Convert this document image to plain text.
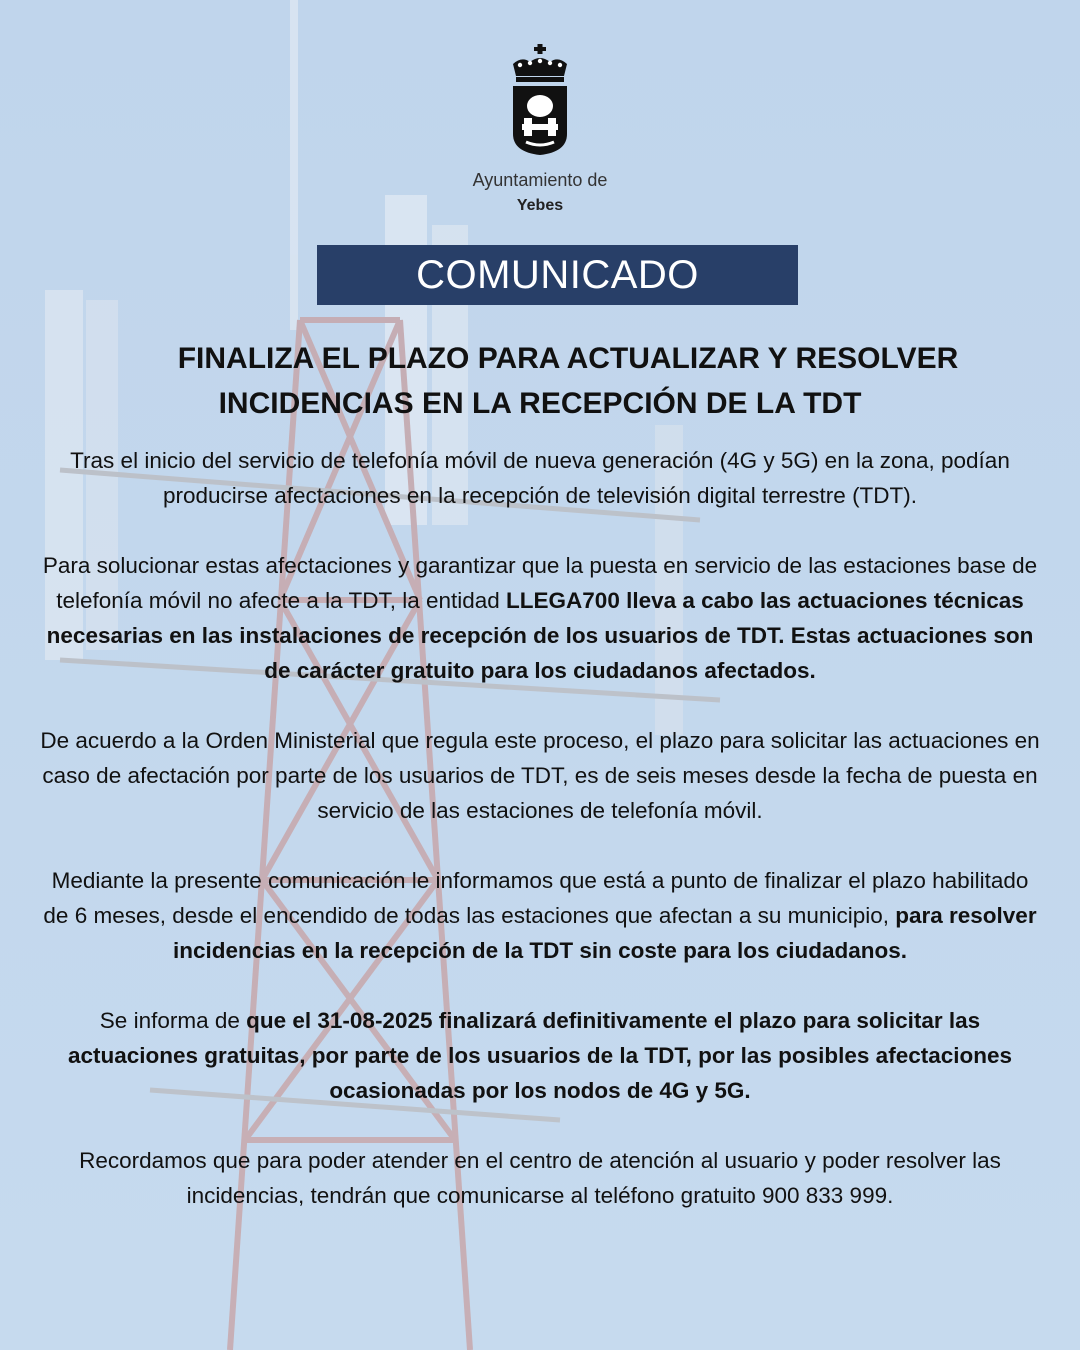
Ayuntamiento de
Yebes
COMUNICADO
FINALIZA EL PLAZO PARA ACTUALIZAR Y RESOLVER
INCIDENCIAS EN LA RECEPCIÓN DE LA TDT

Tras el inicio del servicio de telefonía móvil de nueva generación (4G y 5G) en la zona, podían producirse afectaciones en la recepción de televisión digital terrestre (TDT).

Para solucionar estas afectaciones y garantizar que la puesta en servicio de las estaciones base de telefonía móvil no afecte a la TDT, la entidad LLEGA700 lleva a cabo las actuaciones técnicas necesarias en las instalaciones de recepción de los usuarios de TDT. Estas actuaciones son de carácter gratuito para los ciudadanos afectados.

De acuerdo a la Orden Ministerial que regula este proceso, el plazo para solicitar las actuaciones en caso de afectación por parte de los usuarios de TDT, es de seis meses desde la fecha de puesta en servicio de las estaciones de telefonía móvil.

Mediante la presente comunicación le informamos que está a punto de finalizar el plazo habilitado de 6 meses, desde el encendido de todas las estaciones que afectan a su municipio, para resolver incidencias en la recepción de la TDT sin coste para los ciudadanos.

Se informa de que el 31-08-2025 finalizará definitivamente el plazo para solicitar las actuaciones gratuitas, por parte de los usuarios de la TDT, por las posibles afectaciones ocasionadas por los nodos de 4G y 5G.

Recordamos que para poder atender en el centro de atención al usuario y poder resolver las incidencias, tendrán que comunicarse al teléfono gratuito 900 833 999.
